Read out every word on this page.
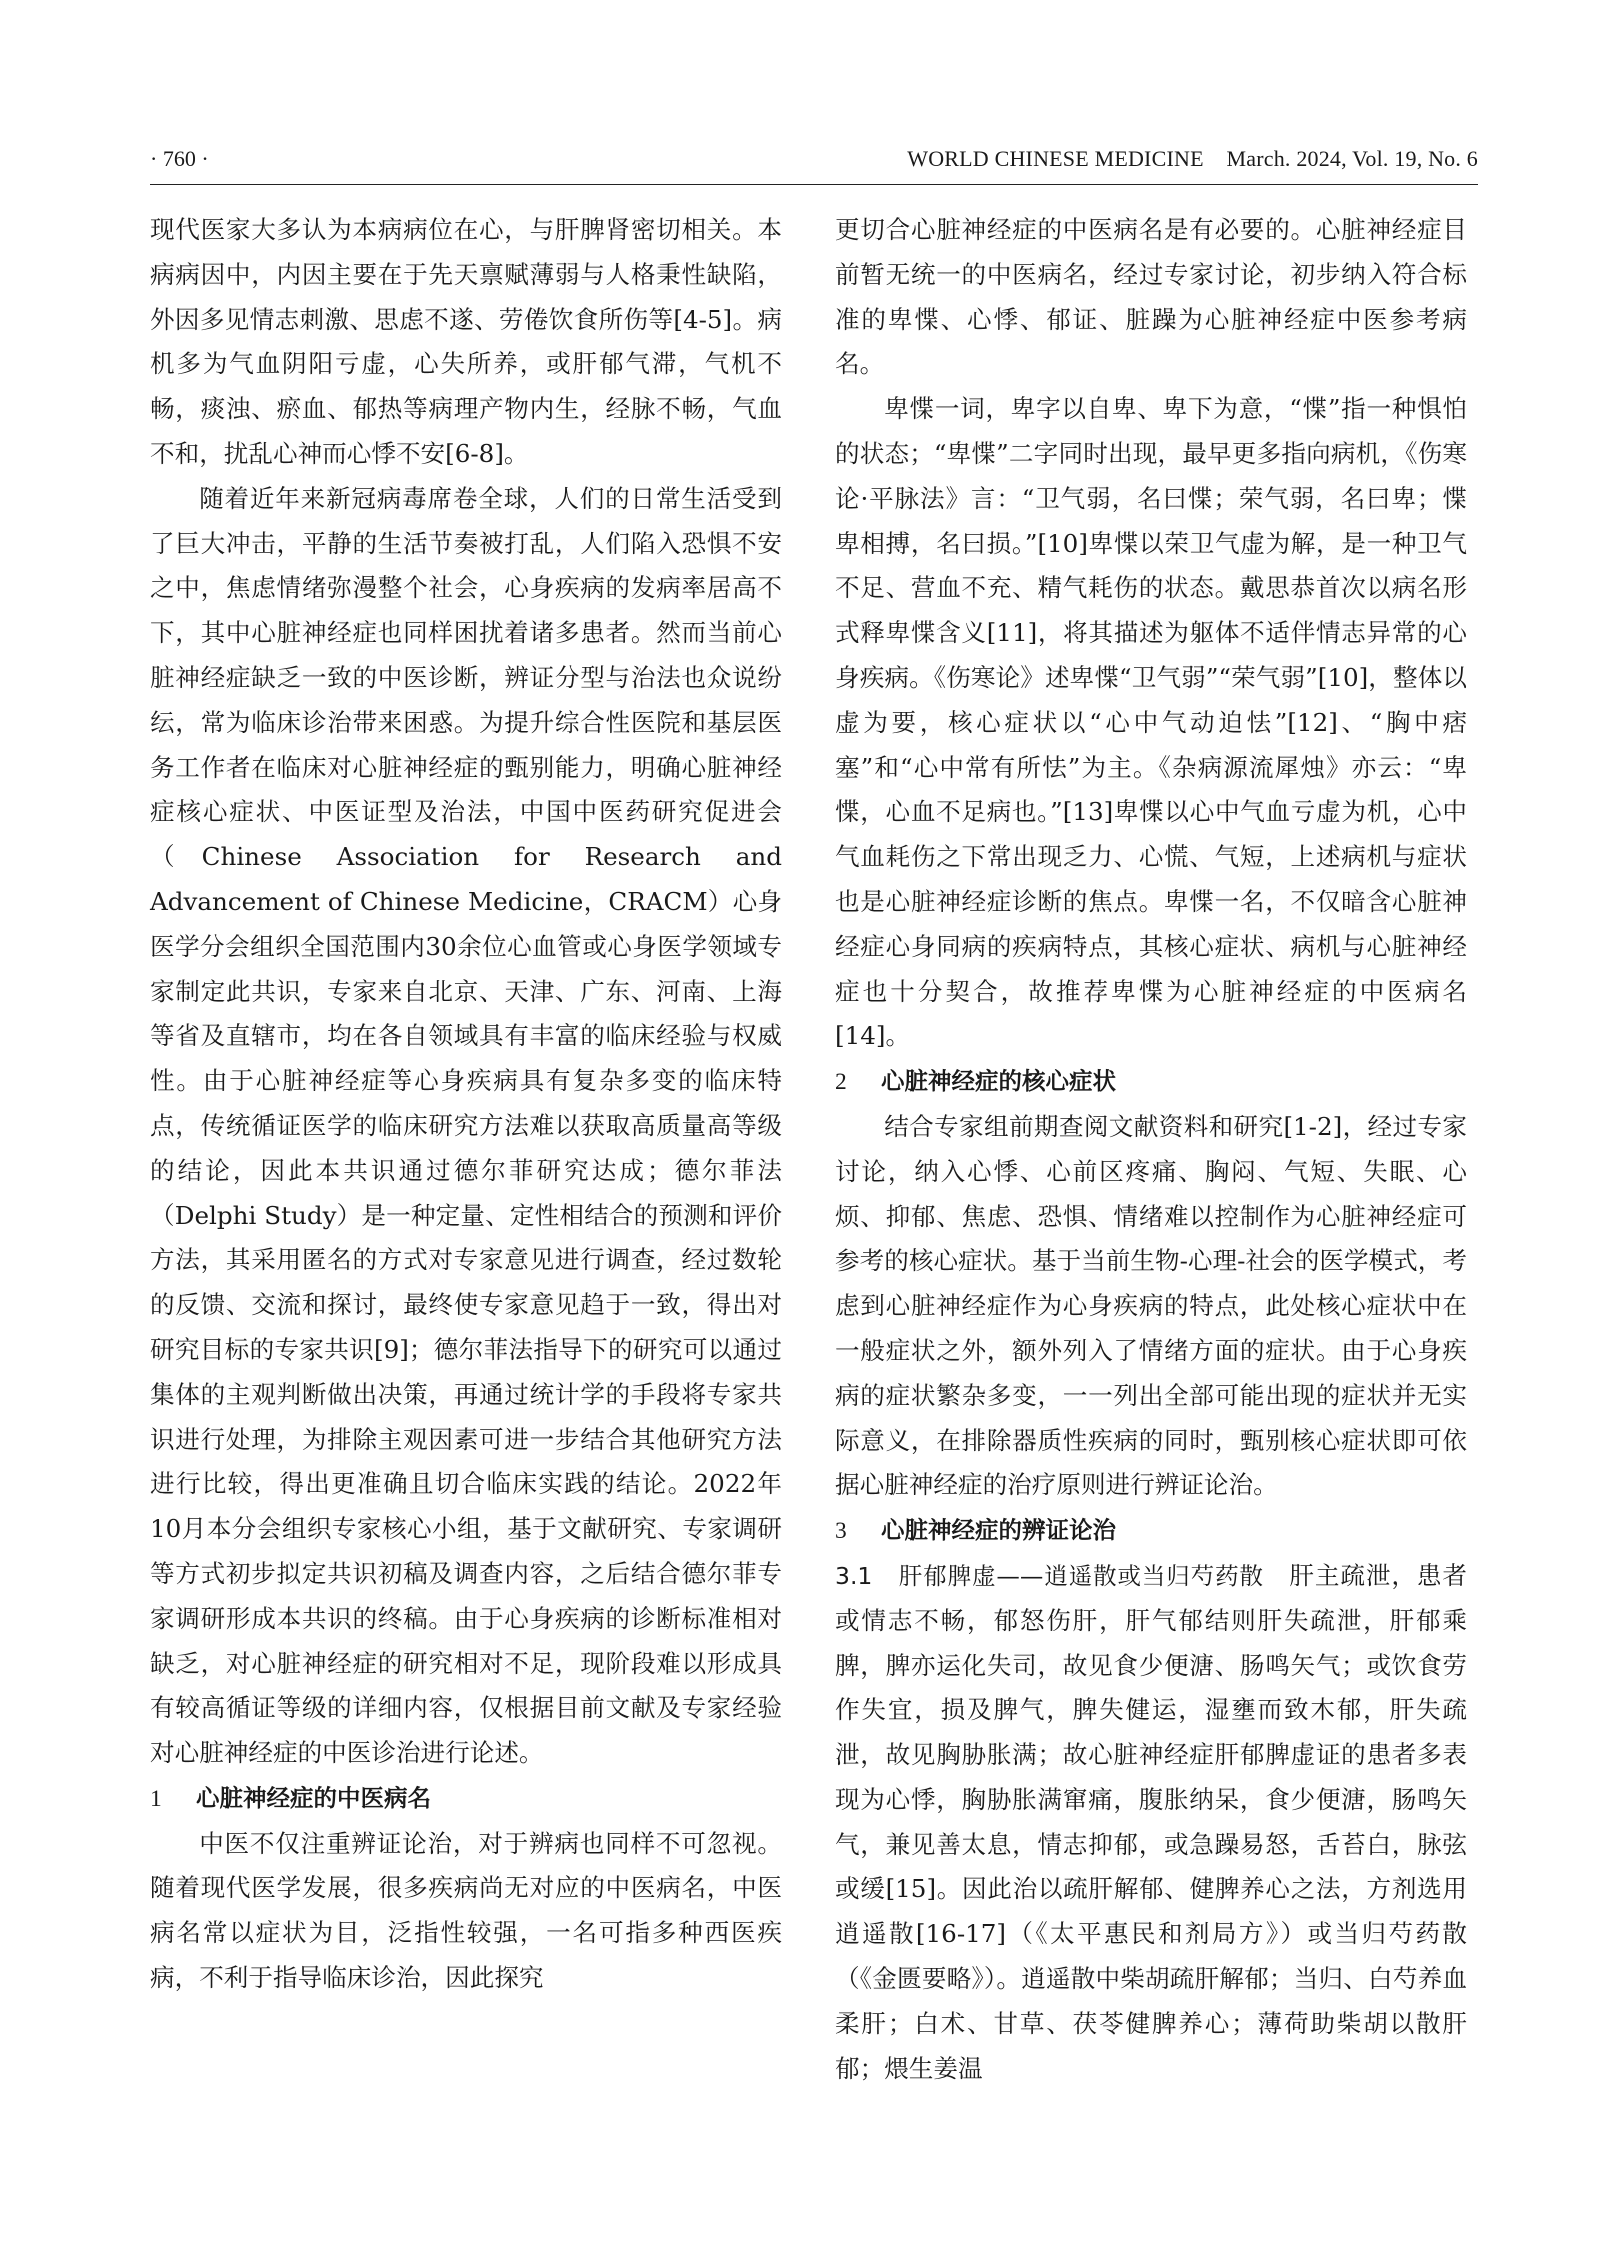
· 760 ·	WORLD CHINESE MEDICINE    March. 2024, Vol. 19, No. 6

现代医家大多认为本病病位在心，与肝脾肾密切相关。本病病因中，内因主要在于先天禀赋薄弱与人格秉性缺陷，外因多见情志刺激、思虑不遂、劳倦饮食所伤等[4-5]。病机多为气血阴阳亏虚，心失所养，或肝郁气滞，气机不畅，痰浊、瘀血、郁热等病理产物内生，经脉不畅，气血不和，扰乱心神而心悸不安[6-8]。

随着近年来新冠病毒席卷全球，人们的日常生活受到了巨大冲击，平静的生活节奏被打乱，人们陷入恐惧不安之中，焦虑情绪弥漫整个社会，心身疾病的发病率居高不下，其中心脏神经症也同样困扰着诸多患者。然而当前心脏神经症缺乏一致的中医诊断，辨证分型与治法也众说纷纭，常为临床诊治带来困惑。为提升综合性医院和基层医务工作者在临床对心脏神经症的甄别能力，明确心脏神经症核心症状、中医证型及治法，中国中医药研究促进会（Chinese Association for Research and Advancement of Chinese Medicine，CRACM）心身医学分会组织全国范围内30余位心血管或心身医学领域专家制定此共识，专家来自北京、天津、广东、河南、上海等省及直辖市，均在各自领域具有丰富的临床经验与权威性。由于心脏神经症等心身疾病具有复杂多变的临床特点，传统循证医学的临床研究方法难以获取高质量高等级的结论，因此本共识通过德尔菲研究达成；德尔菲法（Delphi Study）是一种定量、定性相结合的预测和评价方法，其采用匿名的方式对专家意见进行调查，经过数轮的反馈、交流和探讨，最终使专家意见趋于一致，得出对研究目标的专家共识[9]；德尔菲法指导下的研究可以通过集体的主观判断做出决策，再通过统计学的手段将专家共识进行处理，为排除主观因素可进一步结合其他研究方法进行比较，得出更准确且切合临床实践的结论。2022年10月本分会组织专家核心小组，基于文献研究、专家调研等方式初步拟定共识初稿及调查内容，之后结合德尔菲专家调研形成本共识的终稿。由于心身疾病的诊断标准相对缺乏，对心脏神经症的研究相对不足，现阶段难以形成具有较高循证等级的详细内容，仅根据目前文献及专家经验对心脏神经症的中医诊治进行论述。

1 心脏神经症的中医病名

中医不仅注重辨证论治，对于辨病也同样不可忽视。随着现代医学发展，很多疾病尚无对应的中医病名，中医病名常以症状为目，泛指性较强，一名可指多种西医疾病，不利于指导临床诊治，因此探究

更切合心脏神经症的中医病名是有必要的。心脏神经症目前暂无统一的中医病名，经过专家讨论，初步纳入符合标准的卑惵、心悸、郁证、脏躁为心脏神经症中医参考病名。

卑惵一词，卑字以自卑、卑下为意，“惵”指一种惧怕的状态；“卑惵”二字同时出现，最早更多指向病机，《伤寒论·平脉法》言：“卫气弱，名曰惵；荣气弱，名曰卑；惵卑相搏，名曰损。”[10]卑惵以荣卫气虚为解，是一种卫气不足、营血不充、精气耗伤的状态。戴思恭首次以病名形式释卑惵含义[11]，将其描述为躯体不适伴情志异常的心身疾病。《伤寒论》述卑惵“卫气弱”“荣气弱”[10]，整体以虚为要，核心症状以“心中气动迫怯”[12]、“胸中痞塞”和“心中常有所怯”为主。《杂病源流犀烛》亦云：“卑惵，心血不足病也。”[13]卑惵以心中气血亏虚为机，心中气血耗伤之下常出现乏力、心慌、气短，上述病机与症状也是心脏神经症诊断的焦点。卑惵一名，不仅暗含心脏神经症心身同病的疾病特点，其核心症状、病机与心脏神经症也十分契合，故推荐卑惵为心脏神经症的中医病名[14]。

2 心脏神经症的核心症状

结合专家组前期查阅文献资料和研究[1-2]，经过专家讨论，纳入心悸、心前区疼痛、胸闷、气短、失眠、心烦、抑郁、焦虑、恐惧、情绪难以控制作为心脏神经症可参考的核心症状。基于当前生物-心理-社会的医学模式，考虑到心脏神经症作为心身疾病的特点，此处核心症状中在一般症状之外，额外列入了情绪方面的症状。由于心身疾病的症状繁杂多变，一一列出全部可能出现的症状并无实际意义，在排除器质性疾病的同时，甄别核心症状即可依据心脏神经症的治疗原则进行辨证论治。

3 心脏神经症的辨证论治

3.1　 肝郁脾虚——逍遥散或当归芍药散　 肝主疏泄，患者或情志不畅，郁怒伤肝，肝气郁结则肝失疏泄，肝郁乘脾，脾亦运化失司，故见食少便溏、肠鸣矢气；或饮食劳作失宜，损及脾气，脾失健运，湿壅而致木郁，肝失疏泄，故见胸胁胀满；故心脏神经症肝郁脾虚证的患者多表现为心悸，胸胁胀满窜痛，腹胀纳呆，食少便溏，肠鸣矢气，兼见善太息，情志抑郁，或急躁易怒，舌苔白，脉弦或缓[15]。因此治以疏肝解郁、健脾养心之法，方剂选用逍遥散[16-17]（《太平惠民和剂局方》）或当归芍药散（《金匮要略》）。逍遥散中柴胡疏肝解郁；当归、白芍养血柔肝；白术、甘草、茯苓健脾养心；薄荷助柴胡以散肝郁；煨生姜温
